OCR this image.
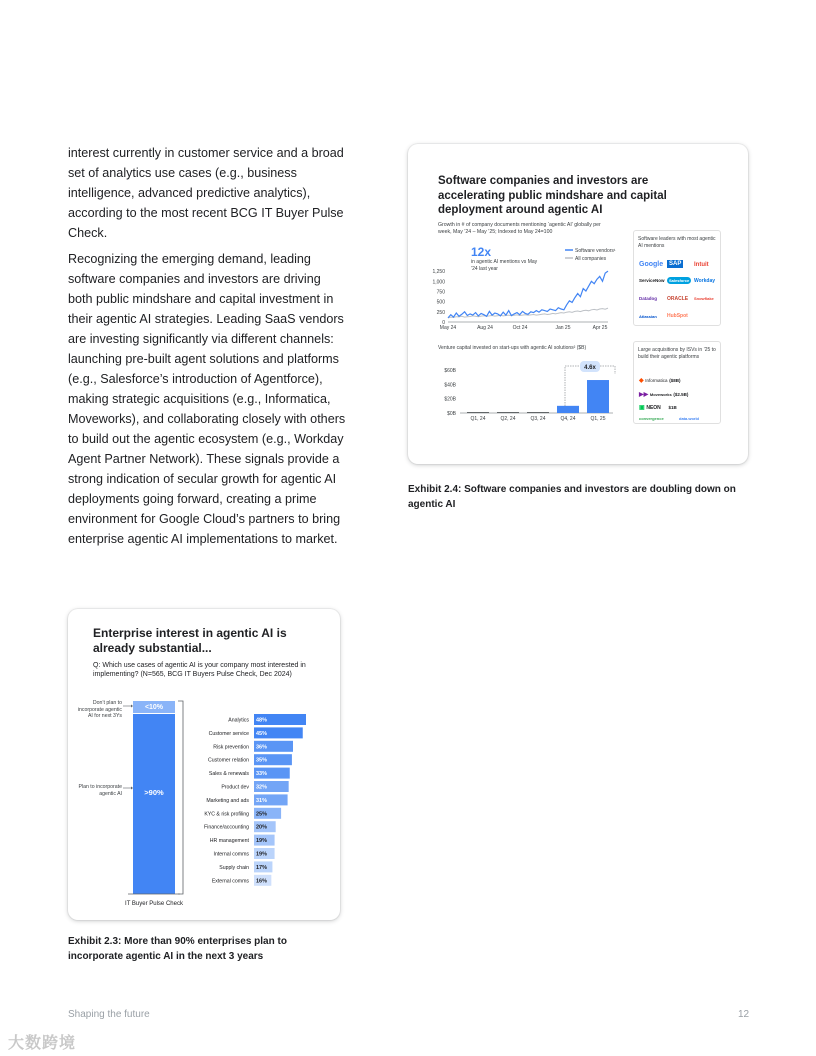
interest currently in customer service and a broad set of analytics use cases (e.g., business intelligence, advanced predictive analytics), according to the most recent BCG IT Buyer Pulse Check.

Recognizing the emerging demand, leading software companies and investors are driving both public mindshare and capital investment in their agentic AI strategies. Leading SaaS vendors are investing significantly via different channels: launching pre-built agent solutions and platforms (e.g., Salesforce’s introduction of Agentforce), making strategic acquisitions (e.g., Informatica, Moveworks), and collaborating closely with others to build out the agentic ecosystem (e.g., Workday Agent Partner Network). These signals provide a strong indication of secular growth for agentic AI deployments going forward, creating a prime environment for Google Cloud’s partners to bring enterprise agentic AI implementations to market.

Enterprise interest in agentic AI is already substantial...
Q: Which use cases of agentic AI is your company most interested in implementing? (N=565, BCG IT Buyers Pulse Check, Dec 2024)
<10%
>90%
IT Buyer Pulse Check
Analytics 48%
Customer service 45%
Risk prevention 36%
Customer relation 35%
Sales & renewals 33%
Product dev 32%
Marketing and ads 31%
KYC & risk profiling 25%
Finance/accounting 20%
HR management 19%
Internal comms 19%
Supply chain 17%
External comms 16%
Don’t plan to incorporate agentic AI for next 3Ys
Plan to incorporate agentic AI
Exhibit 2.3: More than 90% enterprises plan to incorporate agentic AI in the next 3 years
Software companies and investors are accelerating public mindshare and capital deployment around agentic AI
Growth in # of company documents mentioning ‘agentic AI’ globally per week, May ’24 – May ’25; Indexed to May 24=100
12x
in agentic AI mentions vs May ’24 last year
0
250
500
750
1,000
1,250
May 24	Aug 24	Oct 24	Jan 25	Apr 25
Software vendors¹
All companies
Software leaders with most agentic AI mentions
Google SAP	Intuit
ServiceNow	Salesforce Workday
Datadog ORACLE Snowflake
Atlassian HubSpot
Venture capital invested on start-ups with agentic AI solutions² ($B)
$0B
$20B
$40B
$60B
Q1, 24	Q2, 24	Q3, 24	Q4, 24	Q1, 25
4.6x
Large acquisitions by ISVs in ’25 to build their agentic platforms
◆ Informatica ($8B)
▶▶ Moveworks ($2.5B)
▣ NEON $1B
convergence	data.world
Exhibit 2.4: Software companies and investors are doubling down on agentic AI
Shaping the future	12
大数跨境
